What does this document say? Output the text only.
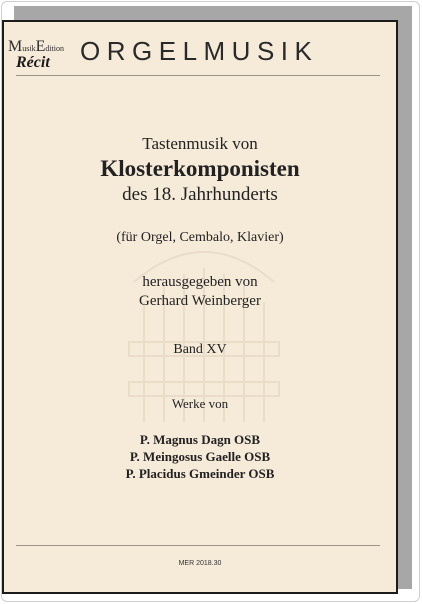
MusikEdition
Récit ORGELMUSIK
Tastenmusik von
Klosterkomponisten
des 18. Jahrhunderts
(für Orgel, Cembalo, Klavier)
herausgegeben von
Gerhard Weinberger
Band XV
Werke von
P. Magnus Dagn OSB
P. Meingosus Gaelle OSB
P. Placidus Gmeinder OSB
MER 2018.30
